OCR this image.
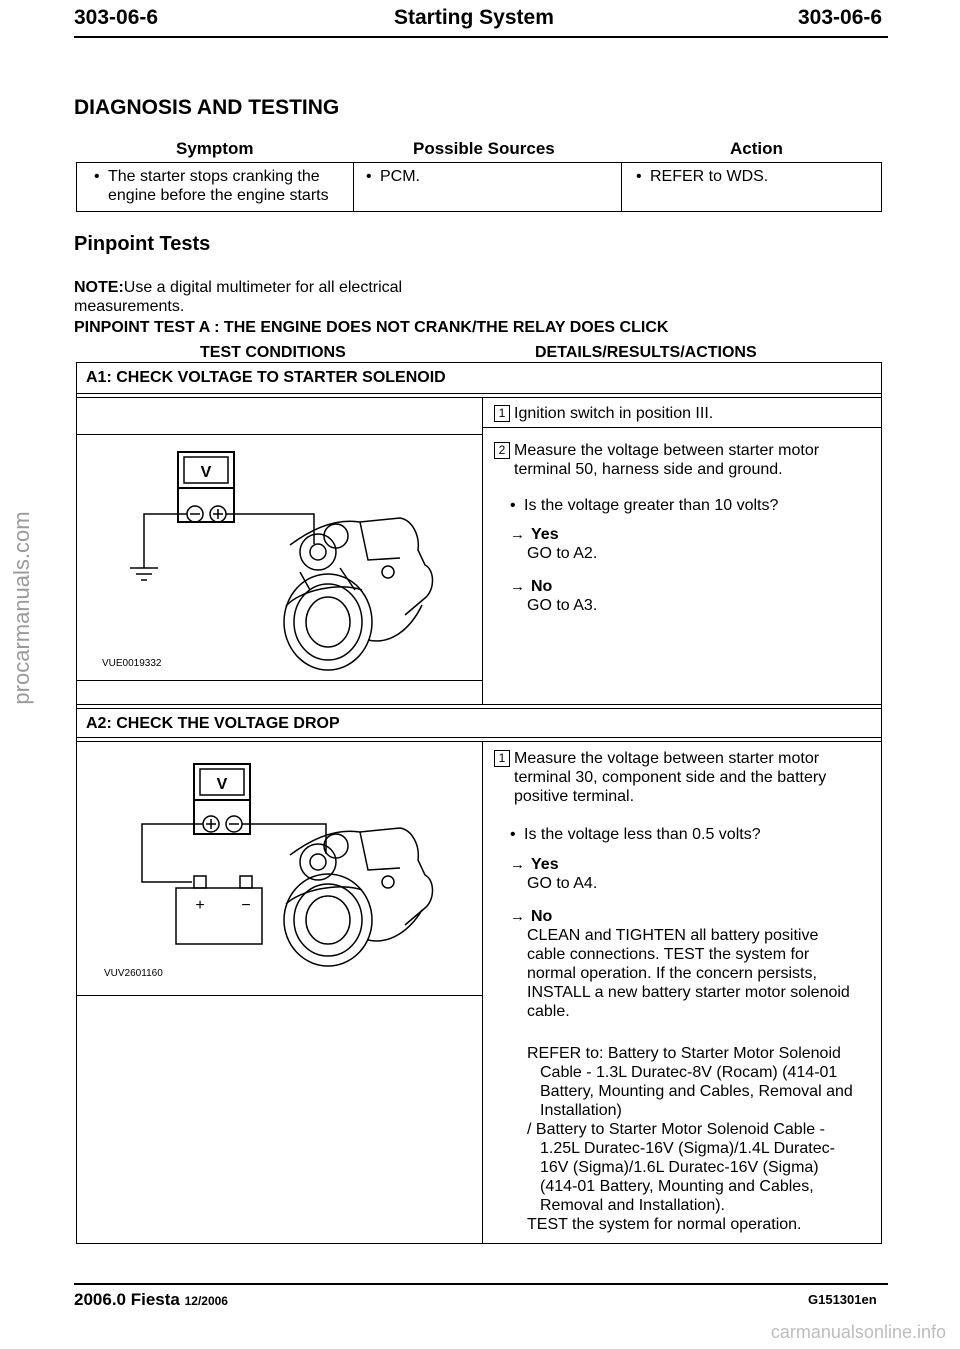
303-06-6	Starting System	303-06-6
DIAGNOSIS AND TESTING
Symptom	Possible Sources	Action
• The starter stops cranking the
engine before the engine starts
• PCM.
•	REFER to WDS.
Pinpoint Tests
NOTE:Use a digital multimeter for all electrical
measurements.
PINPOINT TEST A : THE ENGINE DOES NOT CRANK/THE RELAY DOES CLICK
TEST CONDITIONS	DETAILS/RESULTS/ACTIONS
A1: CHECK VOLTAGE TO STARTER SOLENOID
1 Ignition switch in position III.
2 Measure the voltage between starter motor
terminal 50, harness side and ground.
• Is the voltage greater than 10 volts?
→ Yes
GO to A2.
→ No
GO to A3.
V
VUE0019332
A2: CHECK THE VOLTAGE DROP
1 Measure the voltage between starter motor
terminal 30, component side and the battery
positive terminal.
• Is the voltage less than 0.5 volts?
→ Yes
GO to A4.
→ No
CLEAN and TIGHTEN all battery positive
cable connections. TEST the system for
normal operation. If the concern persists,
INSTALL a new battery starter motor solenoid
cable.
REFER to: Battery to Starter Motor Solenoid
Cable - 1.3L Duratec-8V (Rocam) (414-01
Battery, Mounting and Cables, Removal and
Installation)
/ Battery to Starter Motor Solenoid Cable -
1.25L Duratec-16V (Sigma)/1.4L Duratec-
16V (Sigma)/1.6L Duratec-16V (Sigma)
(414-01 Battery, Mounting and Cables,
Removal and Installation).
TEST the system for normal operation.
V
+ −
VUV2601160
2006.0 Fiesta 12/2006	G151301en
procarmanuals.com
carmanualsonline.info
